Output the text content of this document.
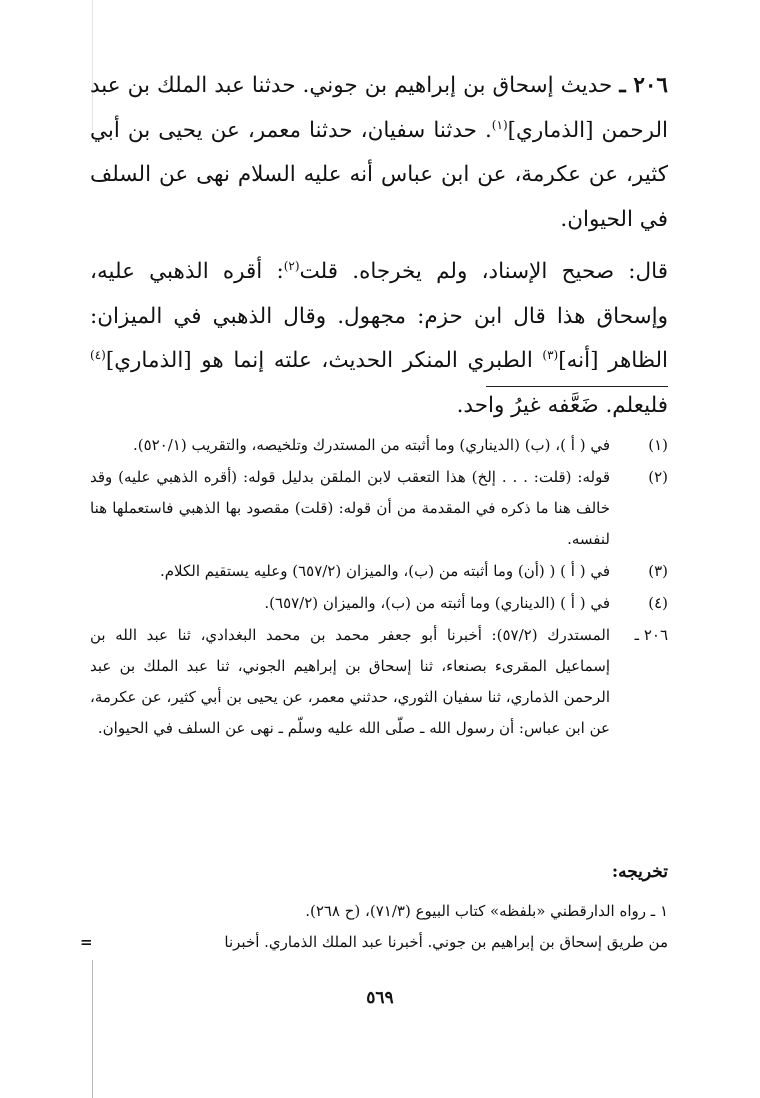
٢٠٦ ـ حديث إسحاق بن إبراهيم بن جوني. حدثنا عبد الملك بن عبد الرحمن [الذماري]$^{(١)}$. حدثنا سفيان، حدثنا معمر، عن يحيى بن أبي كثير، عن عكرمة، عن ابن عباس أنه عليه السلام نهى عن السلف في الحيوان.

قال: صحيح الإسناد، ولم يخرجاه. قلت$^{(٢)}$: أقره الذهبي عليه، وإسحاق هذا قال ابن حزم: مجهول. وقال الذهبي في الميزان: الظاهر [أنه]$^{(٣)}$ الطبري المنكر الحديث، علته إنما هو [الذماري]$^{(٤)}$ فليعلم. ضَعَّفه غيرُ واحد.

(١)
في ( أ )، (ب) (الديناري) وما أثبته من المستدرك وتلخيصه، والتقريب (٥٢٠/١).
(٢)
قوله: (قلت: . . . إلخ) هذا التعقب لابن الملقن بدليل قوله: (أقره الذهبي عليه) وقد خالف هنا ما ذكره في المقدمة من أن قوله: (قلت) مقصود بها الذهبي فاستعملها هنا لنفسه.
(٣)
في ( أ ) ( (أن) وما أثبته من (ب)، والميزان (٦٥٧/٢) وعليه يستقيم الكلام.
(٤)
في ( أ ) (الديناري) وما أثبته من (ب)، والميزان (٦٥٧/٢).
٢٠٦ ـ
المستدرك (٥٧/٢): أخبرنا أبو جعفر محمد بن محمد البغدادي، ثنا عبد الله بن إسماعيل المقرىء بصنعاء، ثنا إسحاق بن إبراهيم الجوني، ثنا عبد الملك بن عبد الرحمن الذماري، ثنا سفيان الثوري، حدثني معمر، عن يحيى بن أبي كثير، عن عكرمة، عن ابن عباس: أن رسول الله ـ صلّى الله عليه وسلّم ـ نهى عن السلف في الحيوان.
تخريجه:
١ ـ رواه الدارقطني «بلفظه» كتاب البيوع (٧١/٣)، (ح ٢٦٨).
من طريق إسحاق بن إبراهيم بن جوني. أخبرنا عبد الملك الذماري. أخبرنا
=
٥٦٩
